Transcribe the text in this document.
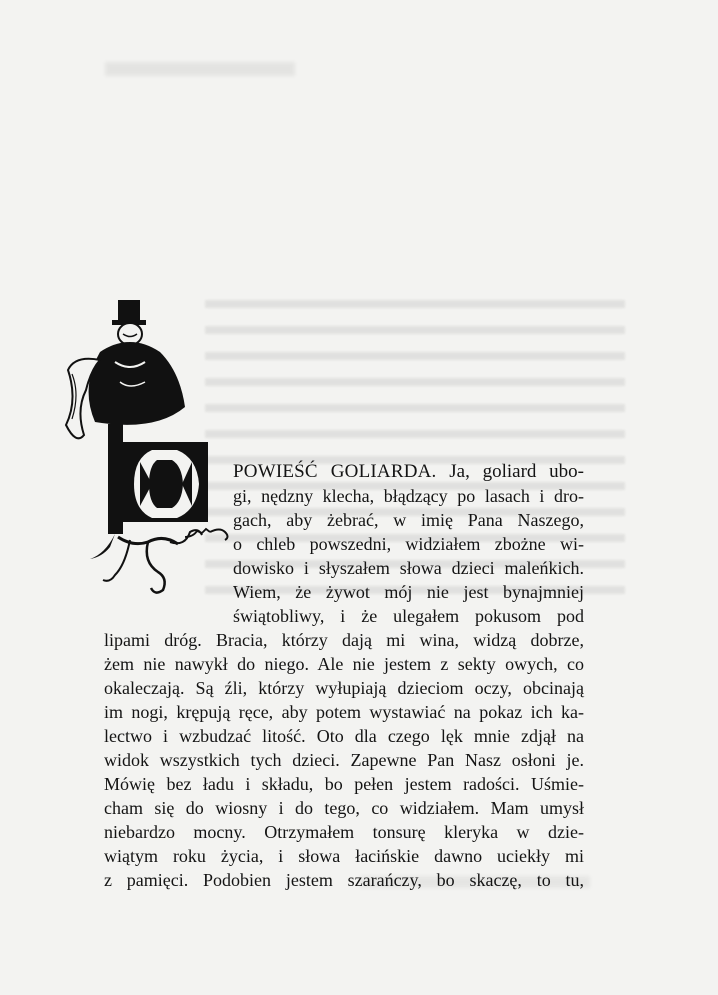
POWIEŚĆ GOLIARDA. Ja, goliard ubo-
gi, nędzny klecha, błądzący po lasach i dro-
gach, aby żebrać, w imię Pana Naszego,
o chleb powszedni, widziałem zbożne wi-
dowisko i słyszałem słowa dzieci maleńkich.
Wiem, że żywot mój nie jest bynajmniej
świątobliwy, i że ulegałem pokusom pod
lipami dróg. Bracia, którzy dają mi wina, widzą dobrze,
żem nie nawykł do niego. Ale nie jestem z sekty owych, co
okaleczają. Są źli, którzy wyłupiają dzieciom oczy, obcinają
im nogi, krępują ręce, aby potem wystawiać na pokaz ich ka-
lectwo i wzbudzać litość. Oto dla czego lęk mnie zdjął na
widok wszystkich tych dzieci. Zapewne Pan Nasz osłoni je.
Mówię bez ładu i składu, bo pełen jestem radości. Uśmie-
cham się do wiosny i do tego, co widziałem. Mam umysł
niebardzo mocny. Otrzymałem tonsurę kleryka w dzie-
wiątym roku życia, i słowa łacińskie dawno uciekły mi
z pamięci. Podobien jestem szarańczy, bo skaczę, to tu,
